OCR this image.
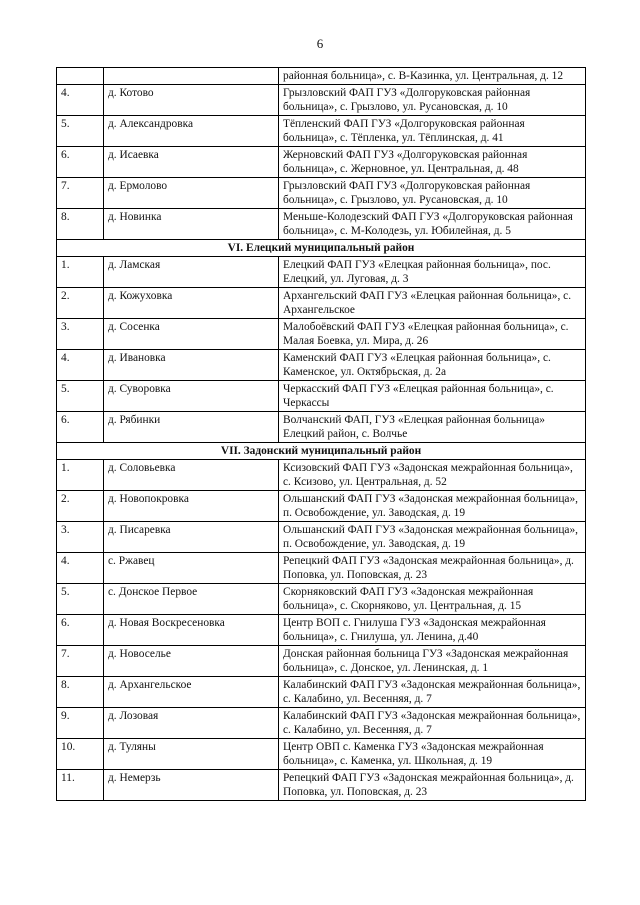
6
		районная больница», с. В-Казинка, ул. Центральная, д. 12
4.	д. Котово	Грызловский ФАП ГУЗ «Долгоруковская районная больница», с. Грызлово, ул. Русановская, д. 10
5.	д. Александровка	Тёпленский ФАП ГУЗ «Долгоруковская районная больница», с. Тёпленка, ул. Тёплинская, д. 41
6.	д. Исаевка	Жерновский ФАП ГУЗ «Долгоруковская районная больница», с. Жерновное, ул. Центральная, д. 48
7.	д. Ермолово	Грызловский ФАП ГУЗ «Долгоруковская районная больница», с. Грызлово, ул. Русановская, д. 10
8.	д. Новинка	Меньше-Колодезский ФАП ГУЗ «Долгоруковская районная больница», с. М-Колодезь, ул. Юбилейная, д. 5
VI. Елецкий муниципальный район		
1.	д. Ламская	Елецкий ФАП ГУЗ «Елецкая районная больница», пос. Елецкий, ул. Луговая, д. 3
2.	д. Кожуховка	Архангельский ФАП ГУЗ «Елецкая районная больница», с. Архангельское
3.	д. Сосенка	Малобоёвский ФАП ГУЗ «Елецкая районная больница», с. Малая Боевка, ул. Мира, д. 26
4.	д. Ивановка	Каменский ФАП ГУЗ «Елецкая районная больница», с. Каменское, ул. Октябрьская, д. 2а
5.	д. Суворовка	Черкасский ФАП ГУЗ «Елецкая районная больница», с. Черкассы
6.	д. Рябинки	Волчанский ФАП, ГУЗ «Елецкая районная больница» Елецкий район, с. Волчье
VII. Задонский муниципальный район		
1.	д. Соловьевка	Ксизовский ФАП ГУЗ «Задонская межрайонная больница», с. Ксизово, ул. Центральная, д. 52
2.	д. Новопокровка	Ольшанский ФАП ГУЗ «Задонская межрайонная больница», п. Освобождение, ул. Заводская, д. 19
3.	д. Писаревка	Ольшанский ФАП ГУЗ «Задонская межрайонная больница», п. Освобождение, ул. Заводская, д. 19
4.	с. Ржавец	Репецкий ФАП ГУЗ «Задонская межрайонная больница», д. Поповка, ул. Поповская, д. 23
5.	с. Донское Первое	Скорняковский ФАП ГУЗ «Задонская межрайонная больница», с. Скорняково, ул. Центральная, д. 15
6.	д. Новая Воскресеновка	Центр ВОП с. Гнилуша ГУЗ «Задонская межрайонная больница», с. Гнилуша, ул. Ленина, д.40
7.	д. Новоселье	Донская районная больница ГУЗ «Задонская межрайонная больница», с. Донское, ул. Ленинская, д. 1
8.	д. Архангельское	Калабинский ФАП ГУЗ «Задонская межрайонная больница», с. Калабино, ул. Весенняя, д. 7
9.	д. Лозовая	Калабинский ФАП ГУЗ «Задонская межрайонная больница», с. Калабино, ул. Весенняя, д. 7
10.	д. Туляны	Центр ОВП с. Каменка ГУЗ «Задонская межрайонная больница», с. Каменка, ул. Школьная, д. 19
11.	д. Немерзь	Репецкий ФАП ГУЗ «Задонская межрайонная больница», д. Поповка, ул. Поповская, д. 23
